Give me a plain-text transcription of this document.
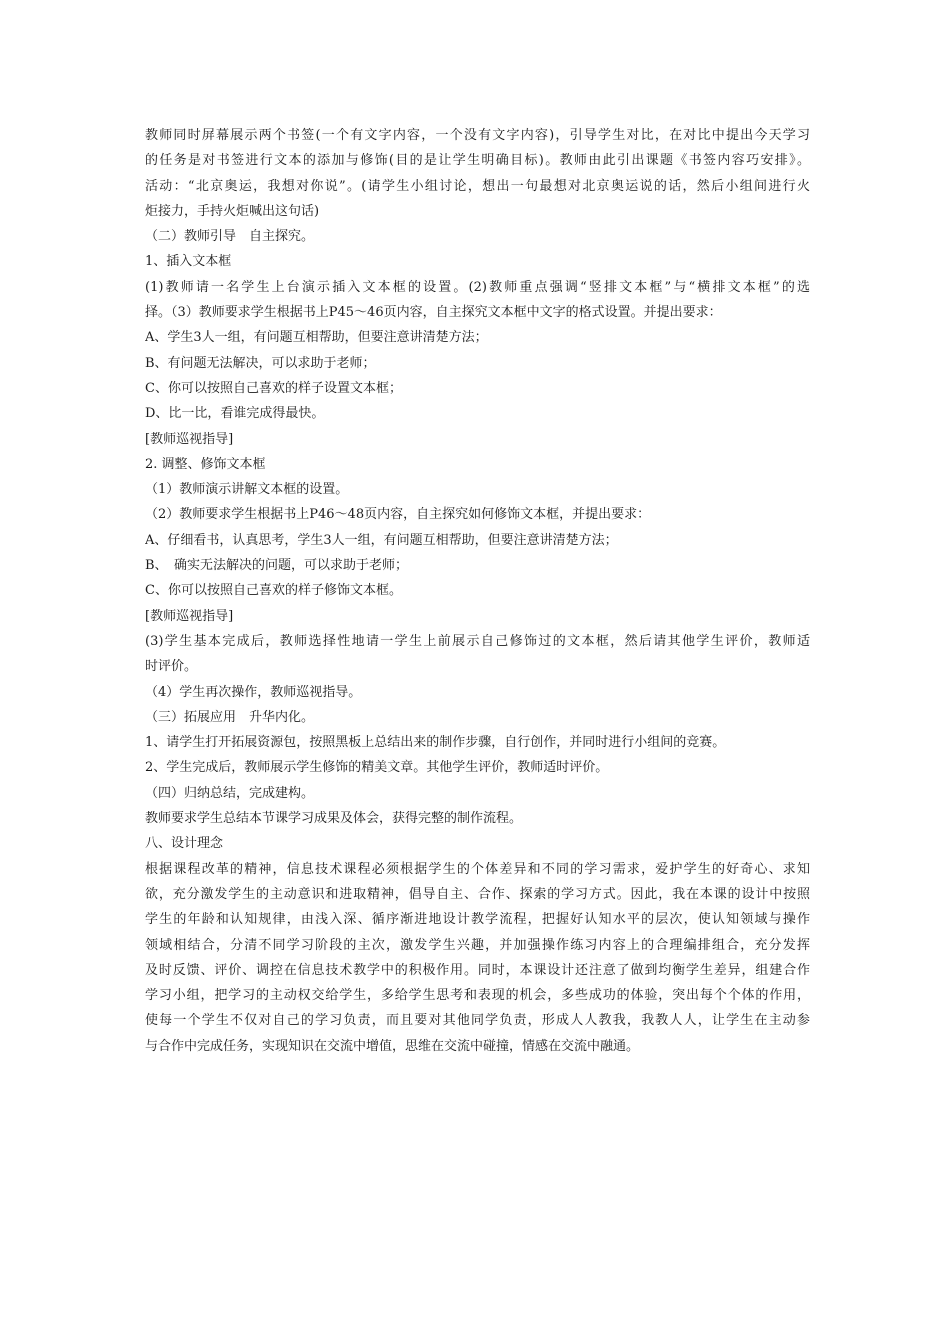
教师同时屏幕展示两个书签(一个有文字内容，一个没有文字内容)，引导学生对比，在对比中提出今天学习
的任务是对书签进行文本的添加与修饰(目的是让学生明确目标)。教师由此引出课题《书签内容巧安排》。
活动：“北京奥运，我想对你说”。(请学生小组讨论，想出一句最想对北京奥运说的话，然后小组间进行火
炬接力，手持火炬喊出这句话)
（二）教师引导　自主探究。
1、插入文本框
(1)教师请一名学生上台演示插入文本框的设置。(2)教师重点强调“竖排文本框”与“横排文本框”的选
择。（3）教师要求学生根据书上P45～46页内容，自主探究文本框中文字的格式设置。并提出要求：
A、学生3人一组，有问题互相帮助，但要注意讲清楚方法；
B、有问题无法解决，可以求助于老师；
C、你可以按照自己喜欢的样子设置文本框；
D、比一比，看谁完成得最快。
[教师巡视指导]
2. 调整、修饰文本框
（1）教师演示讲解文本框的设置。
（2）教师要求学生根据书上P46～48页内容，自主探究如何修饰文本框，并提出要求：
A、仔细看书，认真思考，学生3人一组，有问题互相帮助，但要注意讲清楚方法；
B、　确实无法解决的问题，可以求助于老师；
C、你可以按照自己喜欢的样子修饰文本框。
[教师巡视指导]
(3)学生基本完成后，教师选择性地请一学生上前展示自己修饰过的文本框，然后请其他学生评价，教师适
时评价。
（4）学生再次操作，教师巡视指导。
（三）拓展应用　升华内化。
1、请学生打开拓展资源包，按照黑板上总结出来的制作步骤，自行创作，并同时进行小组间的竞赛。
2、学生完成后，教师展示学生修饰的精美文章。其他学生评价，教师适时评价。
（四）归纳总结，完成建构。
教师要求学生总结本节课学习成果及体会，获得完整的制作流程。
八、设计理念
根据课程改革的精神，信息技术课程必须根据学生的个体差异和不同的学习需求，爱护学生的好奇心、求知
欲，充分激发学生的主动意识和进取精神，倡导自主、合作、探索的学习方式。因此，我在本课的设计中按照
学生的年龄和认知规律，由浅入深、循序渐进地设计教学流程，把握好认知水平的层次，使认知领域与操作
领域相结合，分清不同学习阶段的主次，激发学生兴趣，并加强操作练习内容上的合理编排组合，充分发挥
及时反馈、评价、调控在信息技术教学中的积极作用。同时，本课设计还注意了做到均衡学生差异，组建合作
学习小组，把学习的主动权交给学生，多给学生思考和表现的机会，多些成功的体验，突出每个个体的作用，
使每一个学生不仅对自己的学习负责，而且要对其他同学负责，形成人人教我，我教人人，让学生在主动参
与合作中完成任务，实现知识在交流中增值，思维在交流中碰撞，情感在交流中融通。
